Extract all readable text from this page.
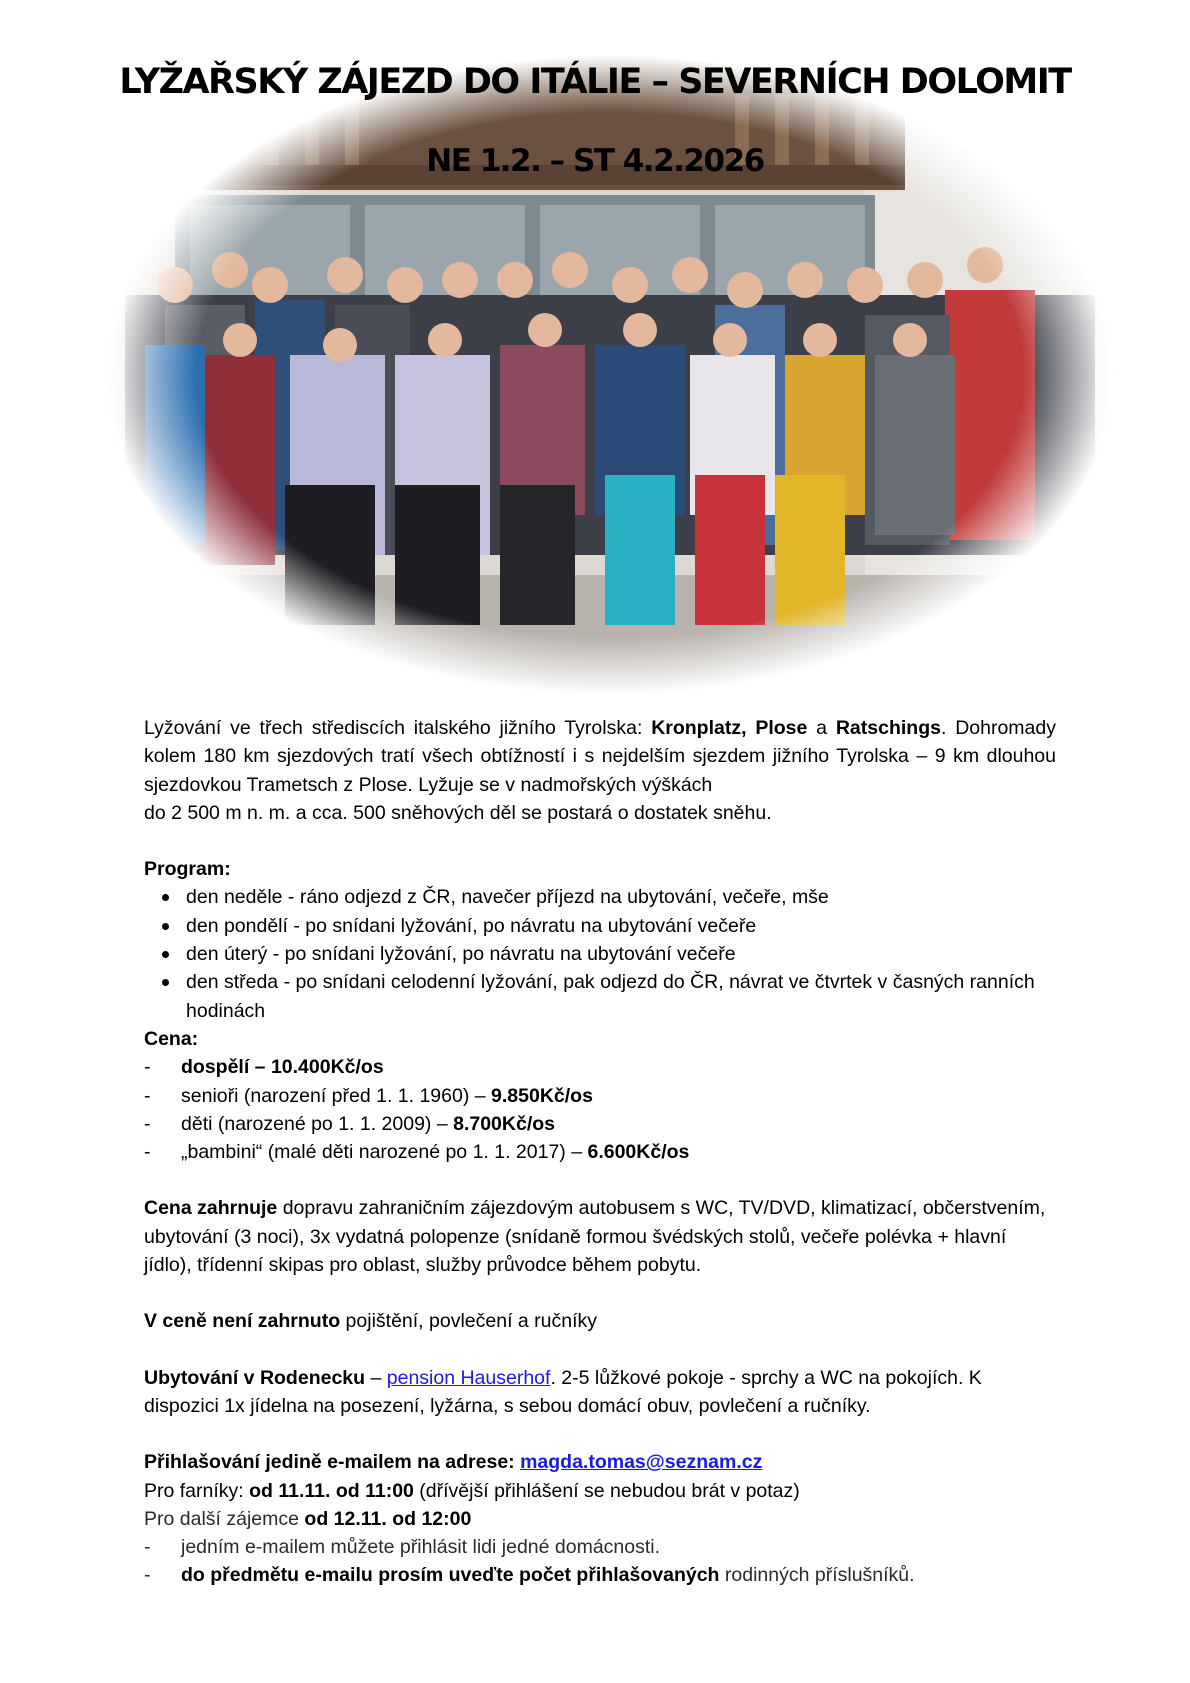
LYŽAŘSKÝ ZÁJEZD DO ITÁLIE – SEVERNÍCH DOLOMIT
NE 1.2. – ST 4.2.2026

Lyžování ve třech střediscích italského jižního Tyrolska: Kronplatz, Plose a Ratschings. Dohromady kolem 180 km sjezdových tratí všech obtížností i s nejdelším sjezdem jižního Tyrolska – 9 km dlouhou sjezdovkou Trametsch z Plose. Lyžuje se v nadmořských výškách

do 2 500 m n. m. a cca. 500 sněhových děl se postará o dostatek sněhu.

Program:

den neděle - ráno odjezd z ČR, navečer příjezd na ubytování, večeře, mše
den pondělí - po snídani lyžování, po návratu na ubytování večeře
den úterý - po snídani lyžování, po návratu na ubytování večeře
den středa - po snídani celodenní lyžování, pak odjezd do ČR, návrat ve čtvrtek v časných ranních hodinách

Cena:

- dospělí – 10.400Kč/os
- senioři (narození před 1. 1. 1960) – 9.850Kč/os
- děti (narozené po 1. 1. 2009) – 8.700Kč/os
- „bambini“ (malé děti narozené po 1. 1. 2017) – 6.600Kč/os

Cena zahrnuje dopravu zahraničním zájezdovým autobusem s WC, TV/DVD, klimatizací, občerstvením, ubytování (3 noci), 3x vydatná polopenze (snídaně formou švédských stolů, večeře polévka + hlavní jídlo), třídenní skipas pro oblast, služby průvodce během pobytu.

V ceně není zahrnuto pojištění, povlečení a ručníky

Ubytování v Rodenecku – pension Hauserhof. 2-5 lůžkové pokoje - sprchy a WC na pokojích. K dispozici 1x jídelna na posezení, lyžárna, s sebou domácí obuv, povlečení a ručníky.

Přihlašování jedině e-mailem na adrese: magda.tomas@seznam.cz

Pro farníky: od 11.11. od 11:00 (dřívější přihlášení se nebudou brát v potaz)

Pro další zájemce od 12.11. od 12:00

- jedním e-mailem můžete přihlásit lidi jedné domácnosti.
- do předmětu e-mailu prosím uveďte počet přihlašovaných rodinných příslušníků.
